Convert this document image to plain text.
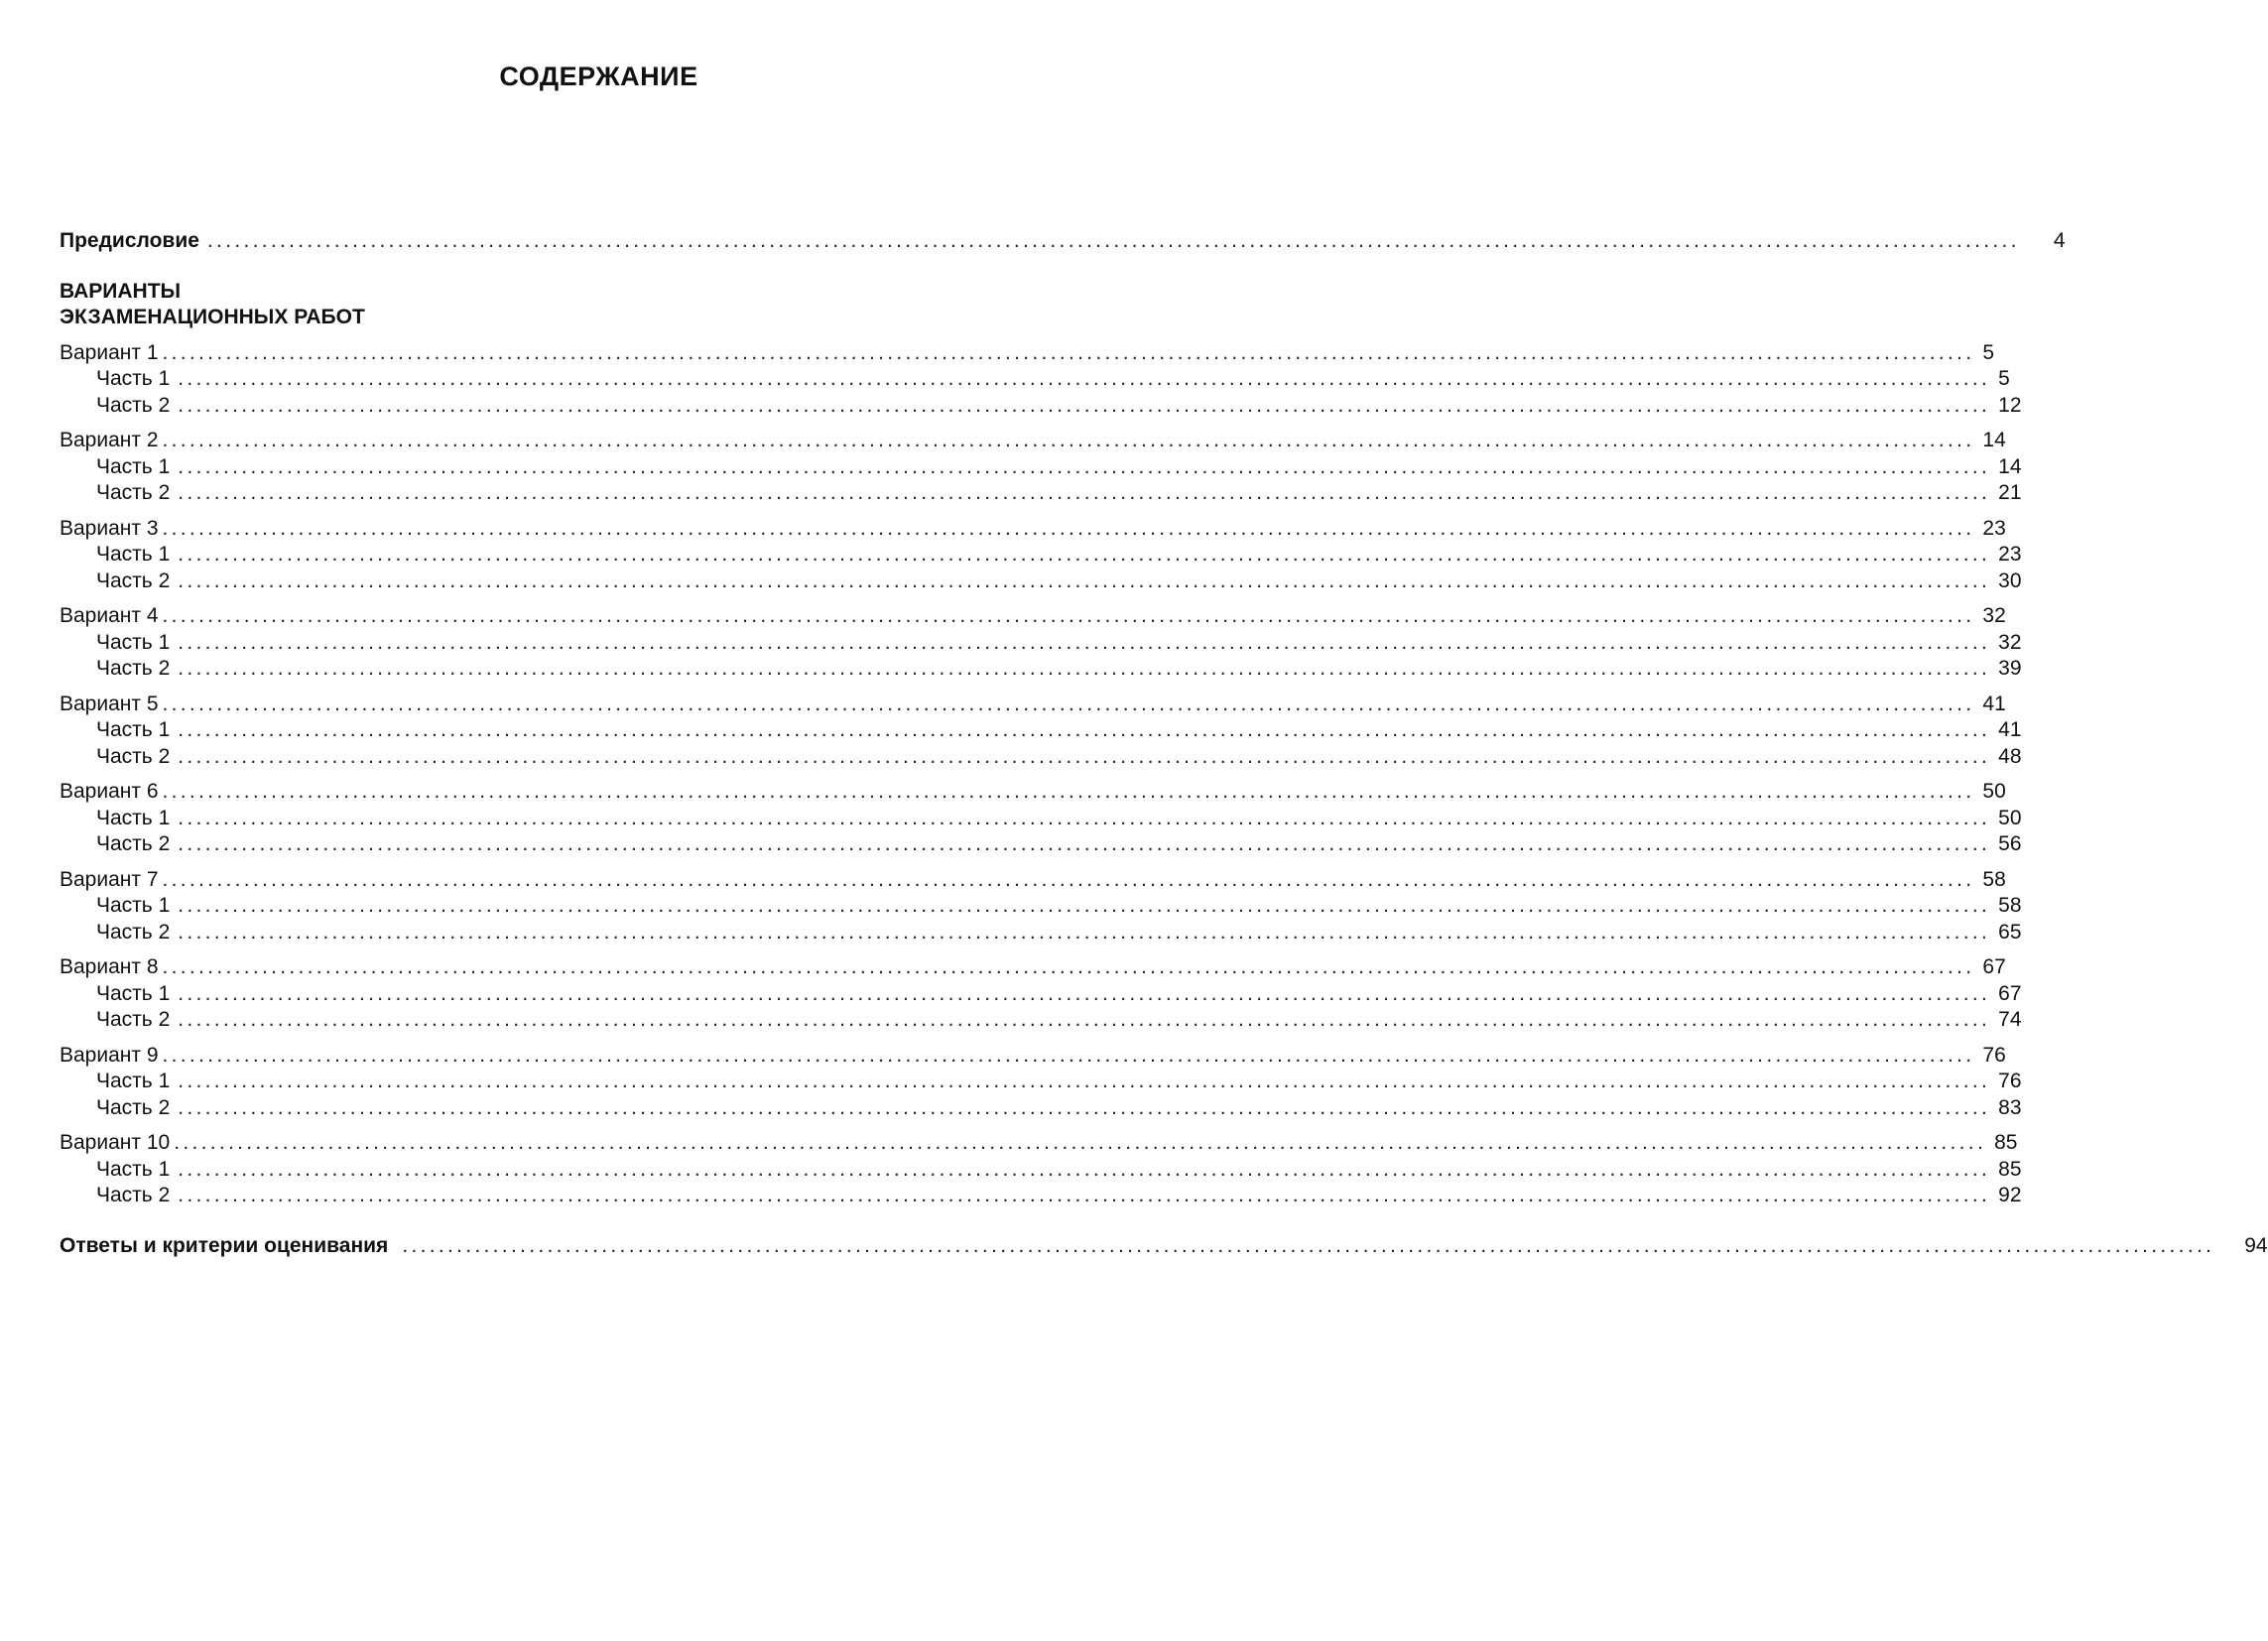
СОДЕРЖАНИЕ
Предисловие ........................................................................................................................................................................................................ 4
ВАРИАНТЫ
ЭКЗАМЕНАЦИОННЫХ РАБОТ
Вариант 1 ........................................................................................................................................................................................................ 5
Часть 1 ........................................................................................................................................................................................................ 5
Часть 2 ........................................................................................................................................................................................................ 12
Вариант 2 ........................................................................................................................................................................................................ 14
Часть 1 ........................................................................................................................................................................................................ 14
Часть 2 ........................................................................................................................................................................................................ 21
Вариант 3 ........................................................................................................................................................................................................ 23
Часть 1 ........................................................................................................................................................................................................ 23
Часть 2 ........................................................................................................................................................................................................ 30
Вариант 4 ........................................................................................................................................................................................................ 32
Часть 1 ........................................................................................................................................................................................................ 32
Часть 2 ........................................................................................................................................................................................................ 39
Вариант 5 ........................................................................................................................................................................................................ 41
Часть 1 ........................................................................................................................................................................................................ 41
Часть 2 ........................................................................................................................................................................................................ 48
Вариант 6 ........................................................................................................................................................................................................ 50
Часть 1 ........................................................................................................................................................................................................ 50
Часть 2 ........................................................................................................................................................................................................ 56
Вариант 7 ........................................................................................................................................................................................................ 58
Часть 1 ........................................................................................................................................................................................................ 58
Часть 2 ........................................................................................................................................................................................................ 65
Вариант 8 ........................................................................................................................................................................................................ 67
Часть 1 ........................................................................................................................................................................................................ 67
Часть 2 ........................................................................................................................................................................................................ 74
Вариант 9 ........................................................................................................................................................................................................ 76
Часть 1 ........................................................................................................................................................................................................ 76
Часть 2 ........................................................................................................................................................................................................ 83
Вариант 10 ........................................................................................................................................................................................................ 85
Часть 1 ........................................................................................................................................................................................................ 85
Часть 2 ........................................................................................................................................................................................................ 92
Ответы и критерии оценивания ........................................................................................................................................................................................................ 94
